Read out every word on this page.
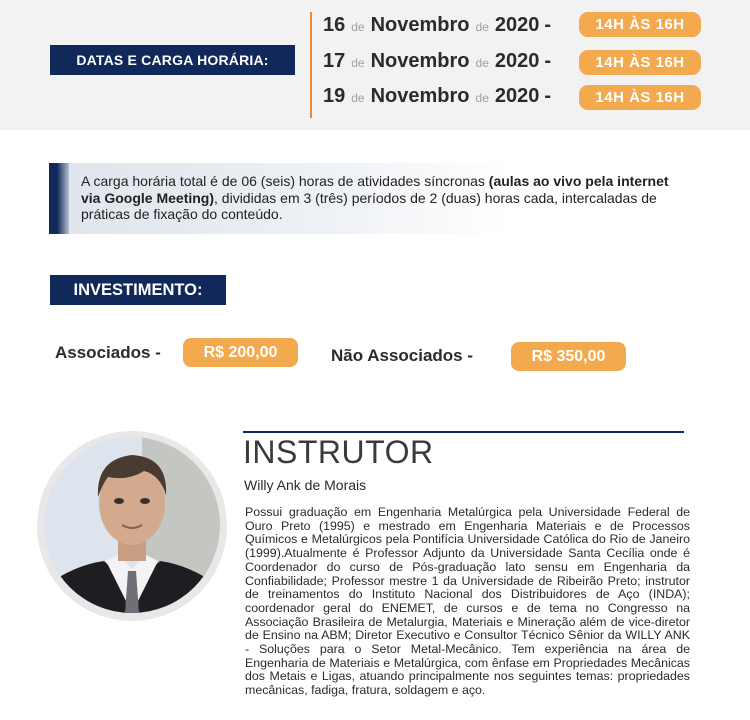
DATAS E CARGA HORÁRIA:
16 de Novembro de 2020 -	14H ÀS 16H
17 de Novembro de 2020 -	14H ÀS 16H
19 de Novembro de 2020 -	14H ÀS 16H
A carga horária total é de 06 (seis) horas de atividades síncronas (aulas ao vivo pela internet via Google Meeting), divididas em 3 (três) períodos de 2 (duas) horas cada, intercaladas de práticas de fixação do conteúdo.
INVESTIMENTO:
Associados -	R$ 200,00	Não Associados -	R$ 350,00
INSTRUTOR
Willy Ank de Morais
Possui graduação em Engenharia Metalúrgica pela Universidade Federal de Ouro Preto (1995) e mestrado em Engenharia Materiais e de Processos Químicos e Metalúrgicos pela Pontifícia Universidade Católica do Rio de Janeiro (1999).Atualmente é Professor Adjunto da Universidade Santa Cecília onde é Coordenador do curso de Pós-graduação lato sensu em Engenharia da Confiabilidade; Professor mestre 1 da Universidade de Ribeirão Preto; instrutor de treinamentos do Instituto Nacional dos Distribuidores de Aço (INDA); coordenador geral do ENEMET, de cursos e de tema no Congresso na Associação Brasileira de Metalurgia, Materiais e Mineração além de vice-diretor de Ensino na ABM; Diretor Executivo e Consultor Técnico Sênior da WILLY ANK - Soluções para o Setor Metal-Mecânico. Tem experiência na área de Engenharia de Materiais e Metalúrgica, com ênfase em Propriedades Mecânicas dos Metais e Ligas, atuando principalmente nos seguintes temas: propriedades mecânicas, fadiga, fratura, soldagem e aço.
